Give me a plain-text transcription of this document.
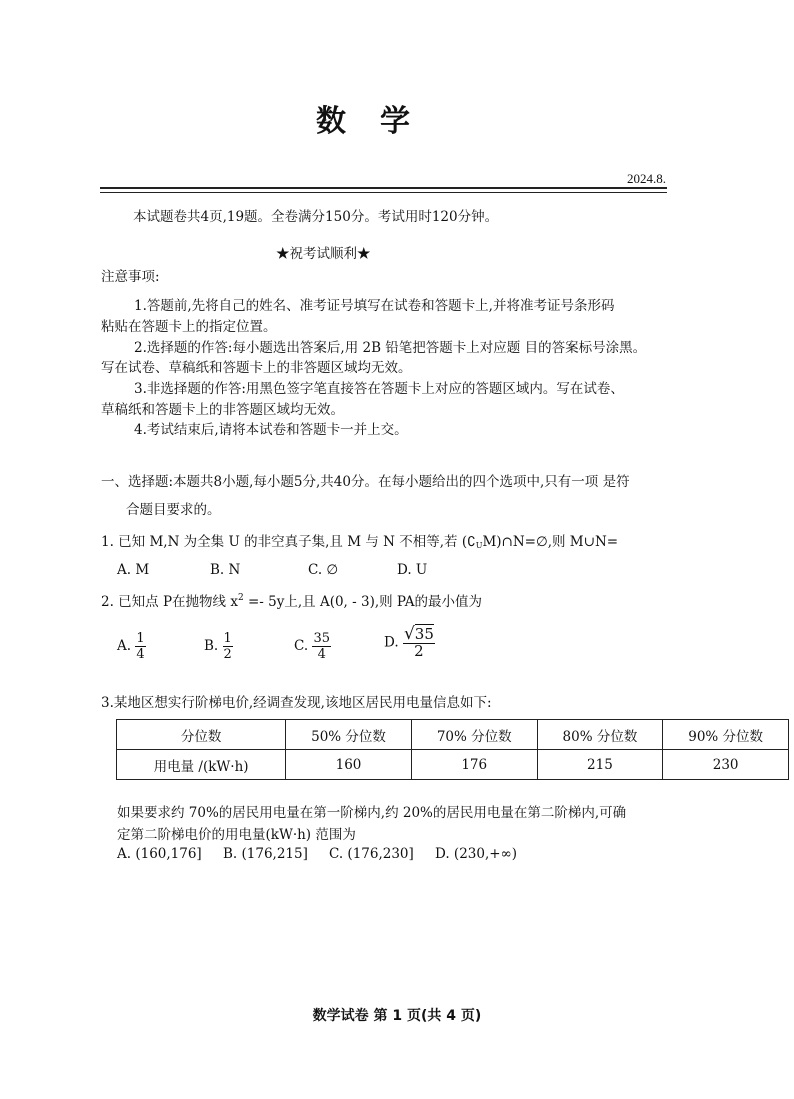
数学
2024.8.
本试题卷共4页,19题。全卷满分150分。考试用时120分钟。
★祝考试顺利★
注意事项:
1.答题前,先将自己的姓名、准考证号填写在试卷和答题卡上,并将准考证号条形码
粘贴在答题卡上的指定位置。
2.选择题的作答:每小题选出答案后,用 2B 铅笔把答题卡上对应题 目的答案标号涂黑。
写在试卷、草稿纸和答题卡上的非答题区域均无效。
3.非选择题的作答:用黑色签字笔直接答在答题卡上对应的答题区域内。写在试卷、
草稿纸和答题卡上的非答题区域均无效。
4.考试结束后,请将本试卷和答题卡一并上交。
一、选择题:本题共8小题,每小题5分,共40分。在每小题给出的四个选项中,只有一项 是符
合题目要求的。
1. 已知 M,N 为全集 U 的非空真子集,且 M 与 N 不相等,若 $(∁_UM)\cap N=\emptyset$,则 M∪N=
A. M	B. N	C. ∅	D. U
2. 已知点 P在抛物线 $x^2 =- 5y$上,且 A(0, - 3),则 PA的最小值为
A. $\frac{1}{4}$	B. $\frac{1}{2}$	C. $\frac{35}{4}$	D. $\frac{√35}{2}$
3.某地区想实行阶梯电价,经调查发现,该地区居民用电量信息如下:
分位数	50% 分位数	70% 分位数	80% 分位数	90% 分位数
用电量 /(kW·h)	160	176	215	230
如果要求约 70%的居民用电量在第一阶梯内,约 20%的居民用电量在第二阶梯内,可确
定第二阶梯电价的用电量(kW·h) 范围为
A. (160,176] B. (176,215] C. (176,230] D. (230,+∞)
数学试卷 第 1 页(共 4 页)
